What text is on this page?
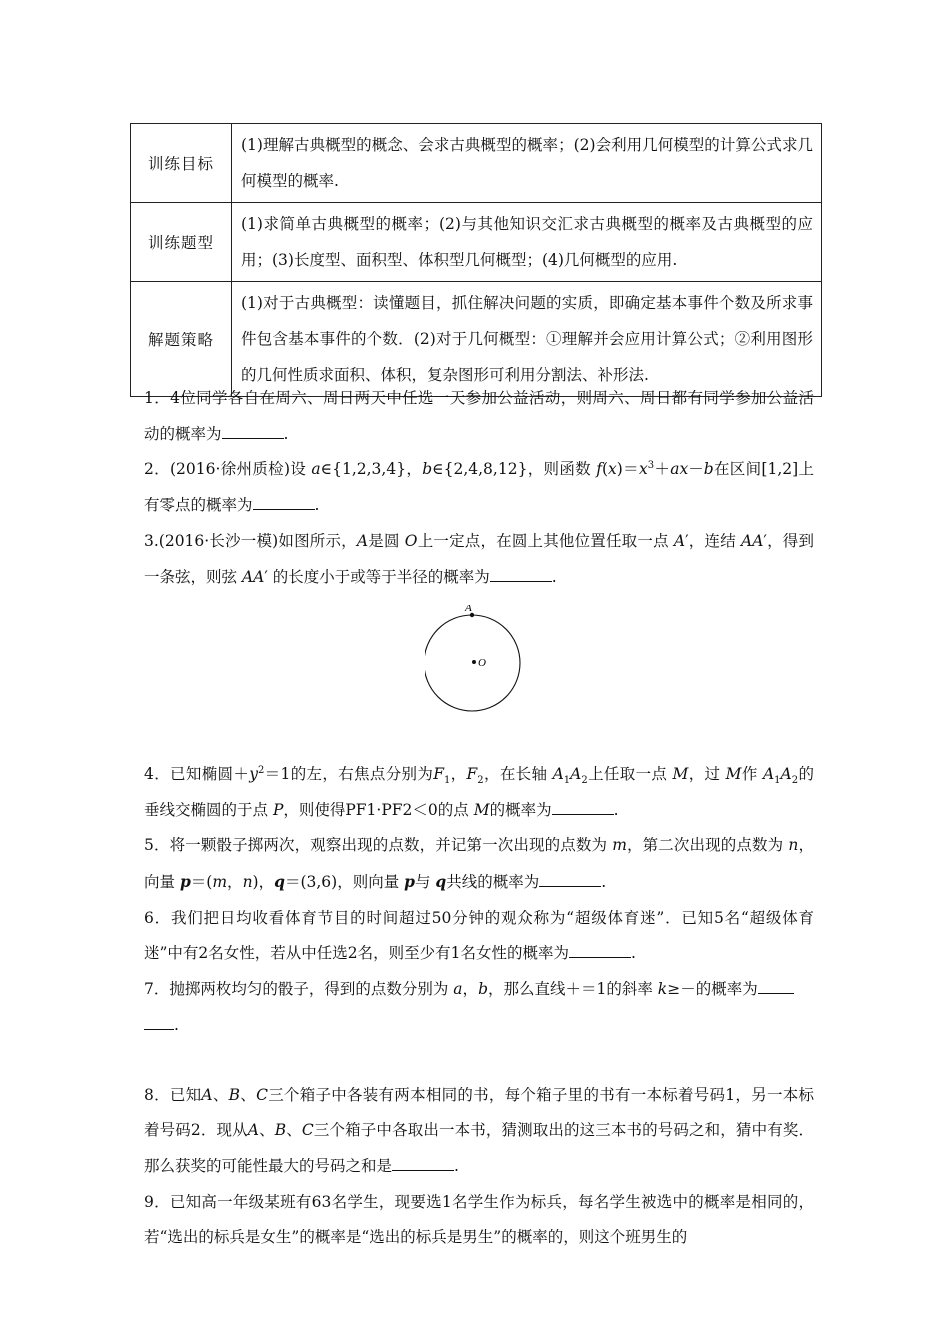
训练目标	(1)理解古典概型的概念、会求古典概型的概率；(2)会利用几何模型的计算公式求几何模型的概率.
训练题型	(1)求简单古典概型的概率；(2)与其他知识交汇求古典概型的概率及古典概型的应用；(3)长度型、面积型、体积型几何概型；(4)几何概型的应用.
解题策略	(1)对于古典概型：读懂题目，抓住解决问题的实质，即确定基本事件个数及所求事件包含基本事件的个数．(2)对于几何概型：①理解并会应用计算公式；②利用图形的几何性质求面积、体积，复杂图形可利用分割法、补形法.

1．4位同学各自在周六、周日两天中任选一天参加公益活动，则周六、周日都有同学参加公益活动的概率为	.

2．(2016·徐州质检)设 a∈{1,2,3,4}，b∈{2,4,8,12}，则函数 $f(x)=x^3+ax-b$在区间[1,2]上有零点的概率为	.

3.(2016·长沙一模)如图所示，A是圆 O上一定点，在圆上其他位置任取一点 A′，连结 AA′，得到一条弦，则弦 AA′ 的长度小于或等于半径的概率为	.

A
O

4．已知椭圆$+y^2=1$的左，右焦点分别为$F_1$，$F_2$，在长轴 $A_1A_2$上任取一点 M，过 M作 $A_1A_2$的垂线交椭圆的于点 P，则使得PF1·PF2＜0的点 M的概率为	.

5．将一颗骰子掷两次，观察出现的点数，并记第一次出现的点数为 m，第二次出现的点数为 n，向量 p＝(m，n)，q＝(3,6)，则向量 p与 q共线的概率为	.

6．我们把日均收看体育节目的时间超过50分钟的观众称为“超级体育迷”．已知5名“超级体育迷”中有2名女性，若从中任选2名，则至少有1名女性的概率为	.

7．抛掷两枚均匀的骰子，得到的点数分别为 a，b，那么直线＋＝1的斜率 k≥－的概率为
.

8．已知A、B、C三个箱子中各装有两本相同的书，每个箱子里的书有一本标着号码1，另一本标着号码2．现从A、B、C三个箱子中各取出一本书，猜测取出的这三本书的号码之和，猜中有奖．那么获奖的可能性最大的号码之和是	.

9．已知高一年级某班有63名学生，现要选1名学生作为标兵，每名学生被选中的概率是相同的，若“选出的标兵是女生”的概率是“选出的标兵是男生”的概率的，则这个班男生的
